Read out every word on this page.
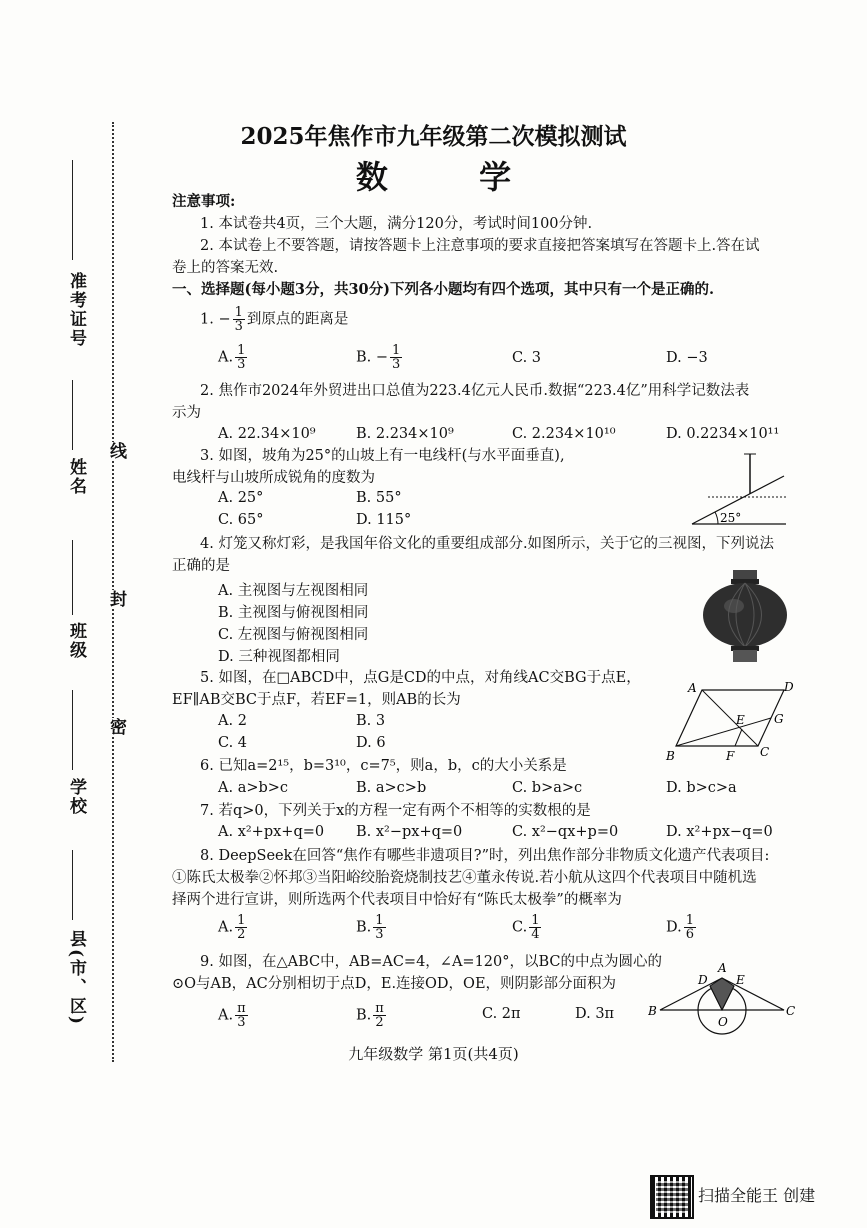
准考证号
姓名
班级
学校
县(市、区)
线
封
密
2025年焦作市九年级第二次模拟测试
数 学
注意事项:
1. 本试卷共4页，三个大题，满分120分，考试时间100分钟.
2. 本试卷上不要答题，请按答题卡上注意事项的要求直接把答案填写在答题卡上.答在试
卷上的答案无效.
一、选择题(每小题3分，共30分)下列各小题均有四个选项，其中只有一个是正确的.
1. − $\frac{1}{3}$ 到原点的距离是
A. $\frac{1}{3}$	B. − $\frac{1}{3}$	C. 3	D. −3
2. 焦作市2024年外贸进出口总值为223.4亿元人民币.数据“223.4亿”用科学记数法表
示为
A. 22.34×10⁹	B. 2.234×10⁹	C. 2.234×10¹⁰	D. 0.2234×10¹¹
3. 如图，坡角为25°的山坡上有一电线杆(与水平面垂直),
电线杆与山坡所成锐角的度数为
A. 25°	B. 55°
C. 65°	D. 115°	25°
4. 灯笼又称灯彩，是我国年俗文化的重要组成部分.如图所示，关于它的三视图，下列说法
正确的是
A. 主视图与左视图相同
B. 主视图与俯视图相同
C. 左视图与俯视图相同
D. 三种视图都相同
5. 如图，在□ABCD中，点G是CD的中点，对角线AC交BG于点E，
EF∥AB交BC于点F，若EF=1，则AB的长为
A. 2	B. 3
C. 4	D. 6
A	D
B	C
G
E
F
6. 已知a=2¹⁵，b=3¹⁰，c=7⁵，则a，b，c的大小关系是
A. a>b>c	B. a>c>b	C. b>a>c	D. b>c>a
7. 若q>0，下列关于x的方程一定有两个不相等的实数根的是
A. x²+px+q=0 B. x²−px+q=0	C. x²−qx+p=0	D. x²+px−q=0
8. DeepSeek在回答“焦作有哪些非遗项目?”时，列出焦作部分非物质文化遗产代表项目:
①陈氏太极拳②怀邦③当阳峪绞胎瓷烧制技艺④董永传说.若小航从这四个代表项目中随机选
择两个进行宣讲，则所选两个代表项目中恰好有“陈氏太极拳”的概率为
A. $\frac{1}{2}$	B. $\frac{1}{3}$	C. $\frac{1}{4}$	D. $\frac{1}{6}$
9. 如图，在△ABC中，AB=AC=4，∠A=120°，以BC的中点为圆心的
⊙O与AB，AC分别相切于点D，E.连接OD，OE，则阴影部分面积为
A. $\frac{\pi}{3}$	B. $\frac{\pi}{2}$	C. 2π	D. 3π
A
B	C
D E
O
九年级数学 第1页(共4页)
扫描全能王 创建
